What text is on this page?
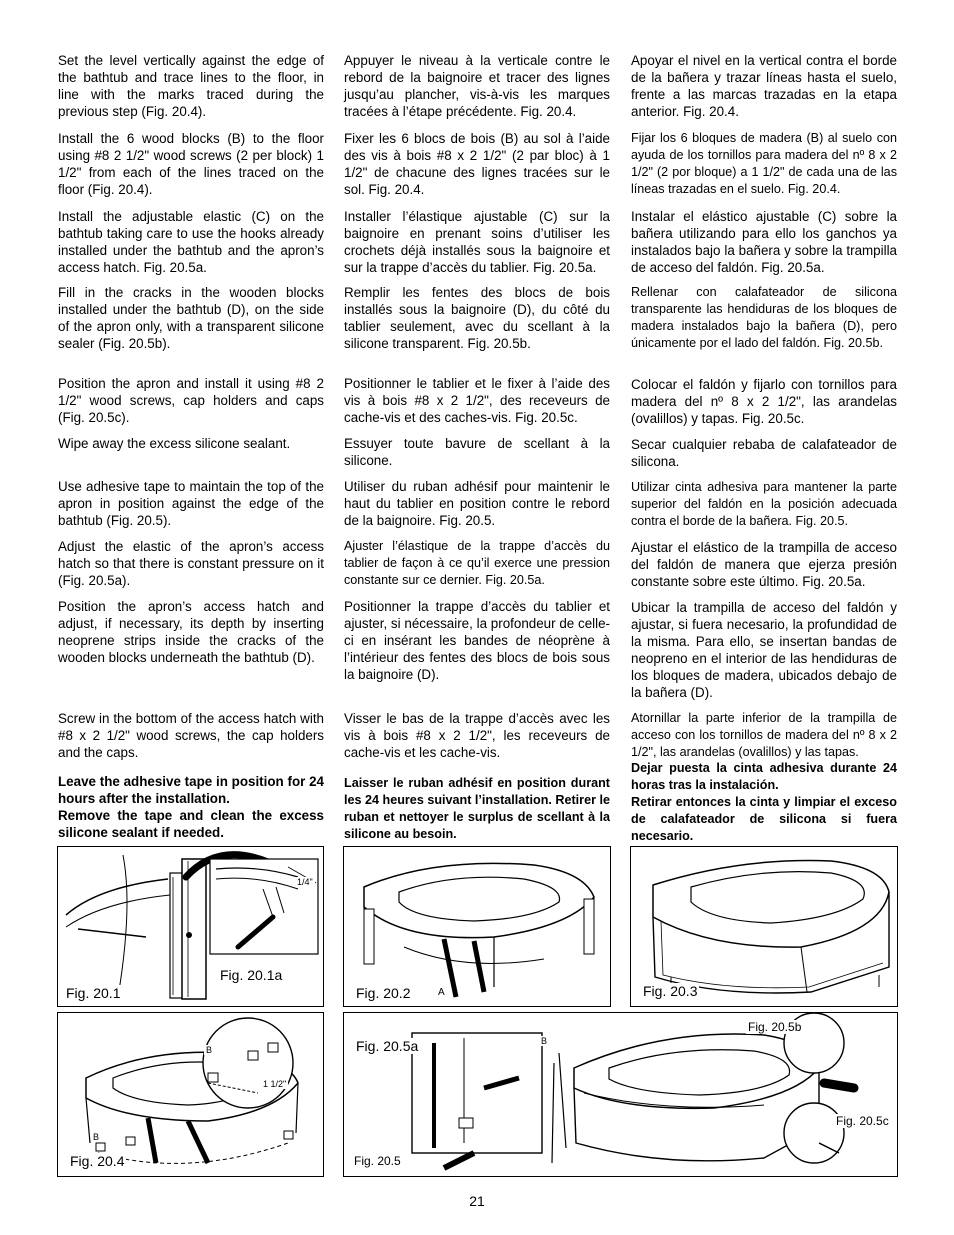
Set the level vertically against the edge of the bathtub and trace lines to the floor, in line with the marks traced during the previous step (Fig. 20.4).

Install the 6 wood blocks (B) to the floor using #8 2 1/2" wood screws (2 per block) 1 1/2" from each of the lines traced on the floor (Fig. 20.4).

Install the adjustable elastic (C) on the bathtub taking care to use the hooks already installed under the bathtub and the apron’s access hatch. Fig. 20.5a.

Fill in the cracks in the wooden blocks installed under the bathtub (D), on the side of the apron only, with a transparent silicone sealer (Fig. 20.5b).

Position the apron and install it using #8 2 1/2" wood screws, cap holders and caps (Fig. 20.5c).

Wipe away the excess silicone sealant.

Use adhesive tape to maintain the top of the apron in position against the edge of the bathtub (Fig. 20.5).

Adjust the elastic of the apron’s access hatch so that there is constant pressure on it (Fig. 20.5a).

Position the apron’s access hatch and adjust, if necessary, its depth by inserting neoprene strips inside the cracks of the wooden blocks underneath the bathtub (D).

Screw in the bottom of the access hatch with #8 x 2 1/2" wood screws, the cap holders and the caps.

Leave the adhesive tape in position for 24 hours after the installation.

Remove the tape and clean the excess silicone sealant if needed.

Appuyer le niveau à la verticale contre le rebord de la baignoire et tracer des lignes jusqu’au plancher, vis-à-vis les marques tracées à l’étape précédente. Fig. 20.4.

Fixer les 6 blocs de bois (B) au sol à l’aide des vis à bois #8 x 2 1/2" (2 par bloc) à 1 1/2" de chacune des lignes tracées sur le sol. Fig. 20.4.

Installer l’élastique ajustable (C) sur la baignoire en prenant soins d’utiliser les crochets déjà installés sous la baignoire et sur la trappe d’accès du tablier. Fig. 20.5a.

Remplir les fentes des blocs de bois installés sous la baignoire (D), du côté du tablier seulement, avec du scellant à la silicone transparent. Fig. 20.5b.

Positionner le tablier et le fixer à l’aide des vis à bois #8 x 2 1/2", des receveurs de cache-vis et des caches-vis. Fig. 20.5c.

Essuyer toute bavure de scellant à la silicone.

Utiliser du ruban adhésif pour maintenir le haut du tablier en position contre le rebord de la baignoire. Fig. 20.5.

Ajuster l’élastique de la trappe d’accès du tablier de façon à ce qu’il exerce une pression constante sur ce dernier. Fig. 20.5a.

Positionner la trappe d’accès du tablier et ajuster, si nécessaire, la profondeur de celle-ci en insérant les bandes de néoprène à l’intérieur des fentes des blocs de bois sous la baignoire (D).

Visser le bas de la trappe d’accès avec les vis à bois #8 x 2 1/2", les receveurs de cache-vis et les cache-vis.

Laisser le ruban adhésif en position durant les 24 heures suivant l’installation. Retirer le ruban et nettoyer le surplus de scellant à la silicone au besoin.

Apoyar el nivel en la vertical contra el borde de la bañera y trazar líneas hasta el suelo, frente a las marcas trazadas en la etapa anterior. Fig. 20.4.

Fijar los 6 bloques de madera (B) al suelo con ayuda de los tornillos para madera del nº 8 x 2 1/2" (2 por bloque) a 1 1/2" de cada una de las líneas trazadas en el suelo. Fig. 20.4.

Instalar el elástico ajustable (C) sobre la bañera utilizando para ello los ganchos ya instalados bajo la bañera y sobre la trampilla de acceso del faldón. Fig. 20.5a.

Rellenar con calafateador de silicona transparente las hendiduras de los bloques de madera instalados bajo la bañera (D), pero únicamente por el lado del faldón. Fig. 20.5b.

Colocar el faldón y fijarlo con tornillos para madera del nº 8 x 2 1/2", las arandelas (ovalillos) y tapas. Fig. 20.5c.

Secar cualquier rebaba de calafateador de silicona.

Utilizar cinta adhesiva para mantener la parte superior del faldón en la posición adecuada contra el borde de la bañera. Fig. 20.5.

Ajustar el elástico de la trampilla de acceso del faldón de manera que ejerza presión constante sobre este último. Fig. 20.5a.

Ubicar la trampilla de acceso del faldón y ajustar, si fuera necesario, la profundidad de la misma. Para ello, se insertan bandas de neopreno en el interior de las hendiduras de los bloques de madera, ubicados debajo de la bañera (D).

Atornillar la parte inferior de la trampilla de acceso con los tornillos de madera del nº 8 x 2 1/2", las arandelas (ovalillos) y las tapas.

Dejar puesta la cinta adhesiva durante 24 horas tras la instalación.

Retirar entonces la cinta y limpiar el exceso de calafateador de silicona si fuera necesario.

Fig. 20.1
Fig. 20.1a
1/4"
Fig. 20.2	A	Fig. 20.3
Fig. 20.4
B
B
1 1/2"
Fig. 20.5a	B
Fig. 20.5
Fig. 20.5b
Fig. 20.5c
21
